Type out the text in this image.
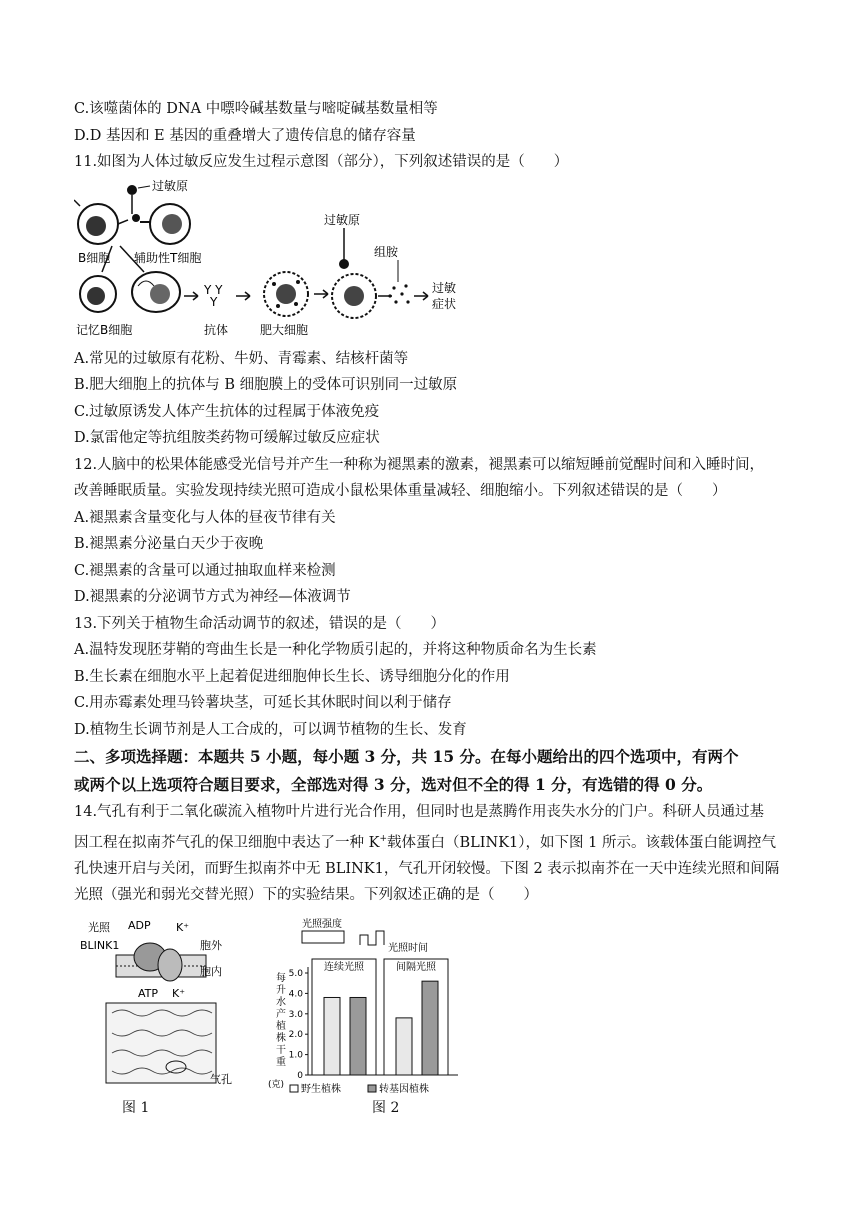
C.该噬菌体的 DNA 中嘌呤碱基数量与嘧啶碱基数量相等
D.D 基因和 E 基因的重叠增大了遗传信息的储存容量
11.如图为人体过敏反应发生过程示意图（部分），下列叙述错误的是（　　）
过敏原
B细胞 辅助性T细胞
记忆B细胞
Y Y
Y
抗体	肥大细胞
过敏原
组胺
过敏
症状
A.常见的过敏原有花粉、牛奶、青霉素、结核杆菌等
B.肥大细胞上的抗体与 B 细胞膜上的受体可识别同一过敏原
C.过敏原诱发人体产生抗体的过程属于体液免疫
D.氯雷他定等抗组胺类药物可缓解过敏反应症状
12.人脑中的松果体能感受光信号并产生一种称为褪黑素的激素，褪黑素可以缩短睡前觉醒时间和入睡时间，
改善睡眠质量。实验发现持续光照可造成小鼠松果体重量减轻、细胞缩小。下列叙述错误的是（　　）
A.褪黑素含量变化与人体的昼夜节律有关
B.褪黑素分泌量白天少于夜晚
C.褪黑素的含量可以通过抽取血样来检测
D.褪黑素的分泌调节方式为神经—体液调节
13.下列关于植物生命活动调节的叙述，错误的是（　　）
A.温特发现胚芽鞘的弯曲生长是一种化学物质引起的，并将这种物质命名为生长素
B.生长素在细胞水平上起着促进细胞伸长生长、诱导细胞分化的作用
C.用赤霉素处理马铃薯块茎，可延长其休眠时间以利于储存
D.植物生长调节剂是人工合成的，可以调节植物的生长、发育
二、多项选择题：本题共 5 小题，每小题 3 分，共 15 分。在每小题给出的四个选项中，有两个
或两个以上选项符合题目要求，全部选对得 3 分，选对但不全的得 1 分，有选错的得 0 分。
14.气孔有利于二氧化碳流入植物叶片进行光合作用，但同时也是蒸腾作用丧失水分的门户。科研人员通过基
因工程在拟南芥气孔的保卫细胞中表达了一种 K+载体蛋白（BLINK1），如下图 1 所示。该载体蛋白能调控气
孔快速开启与关闭，而野生拟南芥中无 BLINK1，气孔开闭较慢。下图 2 表示拟南芥在一天中连续光照和间隔
光照（强光和弱光交替光照）下的实验结果。下列叙述正确的是（　　）
光照 ADP K⁺
BLINK1	胞外
胞内
ATP K⁺
气孔
图 1
光照强度
光照时间
0
1.0
2.0
3.0
4.0
5.0
连续光照	间隔光照
每
升
水
产
植
株
干
重
(克) 野生植株	转基因植株
图 2
